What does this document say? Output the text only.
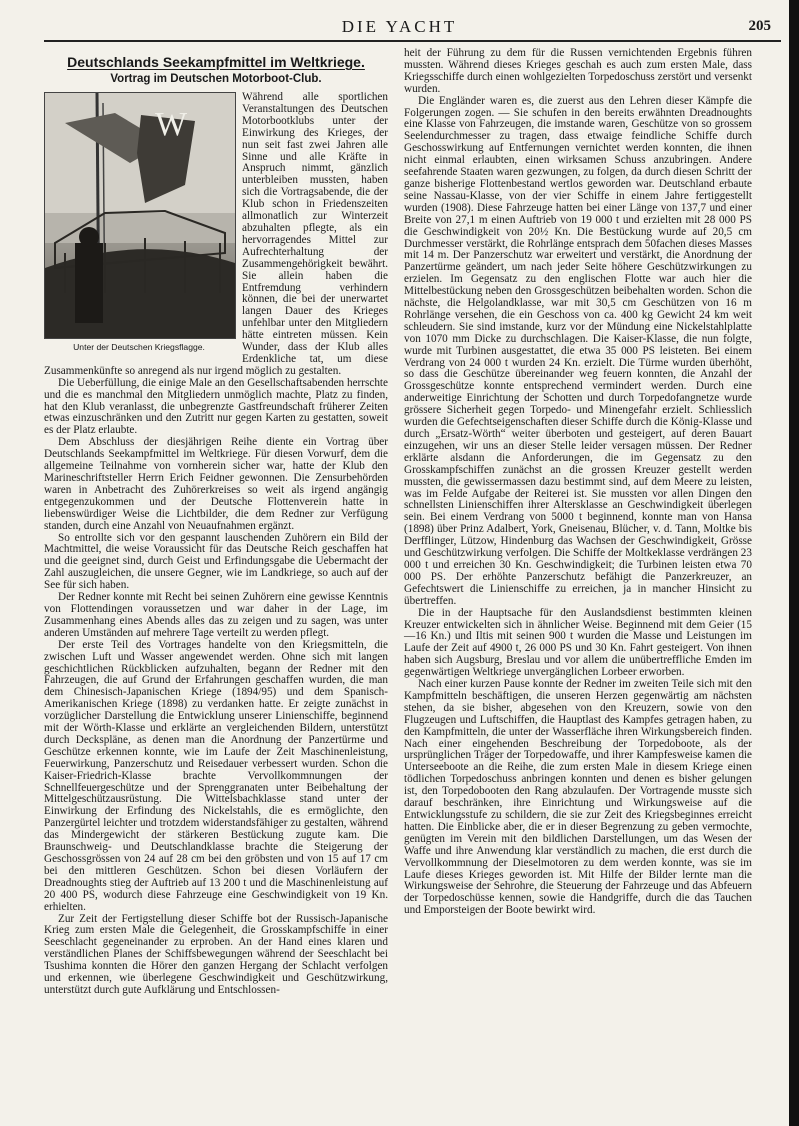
DIE YACHT	205
Deutschlands Seekampfmittel im Weltkriege.
Vortrag im Deutschen Motorboot-Club.
W
Unter der Deutschen Kriegsflagge.

Während alle sportlichen Veranstaltungen des Deutschen Motorbootklubs unter der Einwirkung des Krieges, der nun seit fast zwei Jahren alle Sinne und alle Kräfte in Anspruch nimmt, gänzlich unterbleiben mussten, haben sich die Vortragsabende, die der Klub schon in Friedenszeiten allmonatlich zur Winterzeit abzuhalten pflegte, als ein hervorragendes Mittel zur Aufrechterhaltung der Zusammengehörigkeit bewährt. Sie allein haben die Entfremdung verhindern können, die bei der unerwartet langen Dauer des Krieges unfehlbar unter den Mitgliedern hätte eintreten müssen. Kein Wunder, dass der Klub alles Erdenkliche tat, um diese Zusammenkünfte so anregend als nur irgend möglich zu gestalten.

Die Ueberfüllung, die einige Male an den Gesellschaftsabenden herrschte und die es manchmal den Mitgliedern unmöglich machte, Platz zu finden, hat den Klub veranlasst, die unbegrenzte Gastfreundschaft früherer Zeiten etwas einzuschränken und den Zutritt nur gegen Karten zu gestatten, soweit es der Platz erlaubte.

Dem Abschluss der diesjährigen Reihe diente ein Vortrag über Deutschlands Seekampfmittel im Weltkriege. Für diesen Vorwurf, dem die allgemeine Teilnahme von vornherein sicher war, hatte der Klub den Marineschriftsteller Herrn Erich Feidner gewonnen. Die Zensurbehörden waren in Anbetracht des Zuhörerkreises so weit als irgend angängig entgegenzukommen und der Deutsche Flottenverein hatte in liebenswürdiger Weise die Lichtbilder, die dem Redner zur Verfügung standen, durch eine Anzahl von Neuaufnahmen ergänzt.

So entrollte sich vor den gespannt lauschenden Zuhörern ein Bild der Machtmittel, die weise Voraussicht für das Deutsche Reich geschaffen hat und die geeignet sind, durch Geist und Erfindungsgabe die Uebermacht der Zahl auszugleichen, die unsere Gegner, wie im Landkriege, so auch auf der See für sich haben.

Der Redner konnte mit Recht bei seinen Zuhörern eine gewisse Kenntnis von Flottendingen voraussetzen und war daher in der Lage, im Zusammenhang eines Abends alles das zu zeigen und zu sagen, was unter anderen Umständen auf mehrere Tage verteilt zu werden pflegt.

Der erste Teil des Vortrages handelte von den Kriegsmitteln, die zwischen Luft und Wasser angewendet werden. Ohne sich mit langen geschichtlichen Rückblicken aufzuhalten, begann der Redner mit den Fahrzeugen, die auf Grund der Erfahrungen geschaffen wurden, die man dem Chinesisch-Japanischen Kriege (1894/95) und dem Spanisch-Amerikanischen Kriege (1898) zu verdanken hatte. Er zeigte zunächst in vorzüglicher Darstellung die Entwicklung unserer Linienschiffe, beginnend mit der Wörth-Klasse und erklärte an vergleichenden Bildern, unterstützt durch Decksplänе, as denen man die Anordnung der Panzertürme und Geschütze erkennen konnte, wie im Laufe der Zeit Maschinenleistung, Feuerwirkung, Panzerschutz und Reisedauer verbessert wurden. Schon die Kaiser-Friedrich-Klasse brachte Vervollkommnungen der Schnellfeuergeschütze und der Sprenggranaten unter Beibehaltung der Mittelgeschützausrüstung. Die Wittelsbachklasse stand unter der Einwirkung der Erfindung des Nickelstahls, die es ermöglichte, den Panzergürtel leichter und trotzdem widerstandsfähiger zu gestalten, während das Mindergewicht der stärkeren Bestückung zugute kam. Die Braunschweig- und Deutschlandklasse brachte die Steigerung der Geschossgrössen von 24 auf 28 cm bei den gröbsten und von 15 auf 17 cm bei den mittleren Geschützen. Schon bei diesen Vorläufern der Dreadnoughts stieg der Auftrieb auf 13 200 t und die Maschinenleistung auf 20 400 PS, wodurch diese Fahrzeuge eine Geschwindigkeit von 19 Kn. erhielten.

Zur Zeit der Fertigstellung dieser Schiffe bot der Russisch-Japanische Krieg zum ersten Male die Gelegenheit, die Grosskampfschiffe in einer Seeschlacht gegeneinander zu erproben. An der Hand eines klaren und verständlichen Planes der Schiffsbewegungen während der Seeschlacht bei Tsushima konnten die Hörer den ganzen Hergang der Schlacht verfolgen und erkennen, wie überlegene Geschwindigkeit und Geschützwirkung, unterstützt durch gute Aufklärung und Entschlossen-

heit der Führung zu dem für die Russen vernichtenden Ergebnis führen mussten. Während dieses Krieges geschah es auch zum ersten Male, dass Kriegsschiffe durch einen wohlgezielten Torpedoschuss zerstört und versenkt wurden.

Die Engländer waren es, die zuerst aus den Lehren dieser Kämpfe die Folgerungen zogen. — Sie schufen in den bereits erwähnten Dreadnoughts eine Klasse von Fahrzeugen, die imstande waren, Geschütze von so grossem Seelendurchmesser zu tragen, dass etwaige feindliche Schiffe durch Geschosswirkung auf Entfernungen vernichtet werden konnten, die ihnen nicht einmal erlaubten, einen wirksamen Schuss anzubringen. Andere seefahrende Staaten waren gezwungen, zu folgen, da durch diesen Schritt der ganze bisherige Flottenbestand wertlos geworden war. Deutschland erbaute seine Nassau-Klasse, von der vier Schiffe in einem Jahre fertiggestellt wurden (1908). Diese Fahrzeuge hatten bei einer Länge von 137,7 und einer Breite von 27,1 m einen Auftrieb von 19 000 t und erzielten mit 28 000 PS die Geschwindigkeit von 20½ Kn. Die Bestückung wurde auf 20,5 cm Durchmesser verstärkt, die Rohrlänge entsprach dem 50fachen dieses Masses mit 14 m. Der Panzerschutz war erweitert und verstärkt, die Anordnung der Panzertürme geändert, um nach jeder Seite höhere Geschützwirkungen zu erzielen. Im Gegensatz zu den englischen Flotte war auch hier die Mittelbestückung neben den Grossgeschützen beibehalten worden. Schon die nächste, die Helgolandklasse, war mit 30,5 cm Geschützen von 16 m Rohrlänge versehen, die ein Geschoss von ca. 400 kg Gewicht 24 km weit schleudern. Sie sind imstande, kurz vor der Mündung eine Nickelstahlplatte von 1070 mm Dicke zu durchschlagen. Die Kaiser-Klasse, die nun folgte, wurde mit Turbinen ausgestattet, die etwa 35 000 PS leisteten. Bei einem Verdrang von 24 000 t wurden 24 Kn. erzielt. Die Türme wurden überhöht, so dass die Geschütze übereinander weg feuern konnten, die Anzahl der Grossgeschütze konnte entsprechend vermindert werden. Durch eine anderweitige Einrichtung der Schotten und durch Torpedofangnetze wurde grössere Sicherheit gegen Torpedo- und Minengefahr erzielt. Schliesslich wurden die Gefechtseigenschaften dieser Schiffe durch die König-Klasse und durch „Ersatz-Wörth“ weiter überboten und gesteigert, auf deren Bauart einzugehen, wir uns an dieser Stelle leider versagen müssen. Der Redner erklärte alsdann die Anforderungen, die im Gegensatz zu den Grosskampfschiffen zunächst an die grossen Kreuzer gestellt werden mussten, die gewissermassen dazu bestimmt sind, auf dem Meere zu leisten, was im Felde Aufgabe der Reiterei ist. Sie mussten vor allen Dingen den schnellsten Linienschiffen ihrer Altersklasse an Geschwindigkeit überlegen sein. Bei einem Verdrang von 5000 t beginnend, konnte man von Hansa (1898) über Prinz Adalbert, York, Gneisenau, Blücher, v. d. Tann, Moltke bis Derfflinger, Lützow, Hindenburg das Wachsen der Geschwindigkeit, Grösse und Geschützwirkung verfolgen. Die Schiffe der Moltkeklasse verdrängen 23 000 t und erreichen 30 Kn. Geschwindigkeit; die Turbinen leisten etwa 70 000 PS. Der erhöhte Panzerschutz befähigt die Panzerkreuzer, an Gefechtswert die Linienschiffe zu erreichen, ja in mancher Hinsicht zu übertreffen.

Die in der Hauptsache für den Auslandsdienst bestimmten kleinen Kreuzer entwickelten sich in ähnlicher Weise. Beginnend mit dem Geier (15—16 Kn.) und Iltis mit seinen 900 t wurden die Masse und Leistungen im Laufe der Zeit auf 4900 t, 26 000 PS und 30 Kn. Fahrt gesteigert. Von ihnen haben sich Augsburg, Breslau und vor allem die unübertreffliche Emden im gegenwärtigen Weltkriege unvergänglichen Lorbeer erworben.

Nach einer kurzen Pause konnte der Redner im zweiten Teile sich mit den Kampfmitteln beschäftigen, die unseren Herzen gegenwärtig am nächsten stehen, da sie bisher, abgesehen von den Kreuzern, sowie von den Flugzeugen und Luftschiffen, die Hauptlast des Kampfes getragen haben, zu den Kampfmitteln, die unter der Wasserfläche ihren Wirkungsbereich finden. Nach einer eingehenden Beschreibung der Torpedoboote, als der ursprünglichen Träger der Torpedowaffe, und ihrer Kampfesweise kamen die Unterseeboote an die Reihe, die zum ersten Male in diesem Kriege einen tödlichen Torpedoschuss anbringen konnten und denen es bisher gelungen ist, den Torpedobooten den Rang abzulaufen. Der Vortragende musste sich darauf beschränken, ihre Einrichtung und Wirkungsweise auf die Entwicklungsstufe zu schildern, die sie zur Zeit des Kriegsbeginnes erreicht hatten. Die Einblicke aber, die er in dieser Begrenzung zu geben vermochte, genügten im Verein mit den bildlichen Darstellungen, um das Wesen der Waffe und ihre Anwendung klar verständlich zu machen, die erst durch die Vervollkommnung der Dieselmotoren zu dem werden konnte, was sie im Laufe dieses Krieges geworden ist. Mit Hilfe der Bilder lernte man die Wirkungsweise der Sehrohre, die Steuerung der Fahrzeuge und das Abfeuern der Torpedoschüsse kennen, sowie die Handgriffe, durch die das Tauchen und Emporsteigen der Boote bewirkt wird.
